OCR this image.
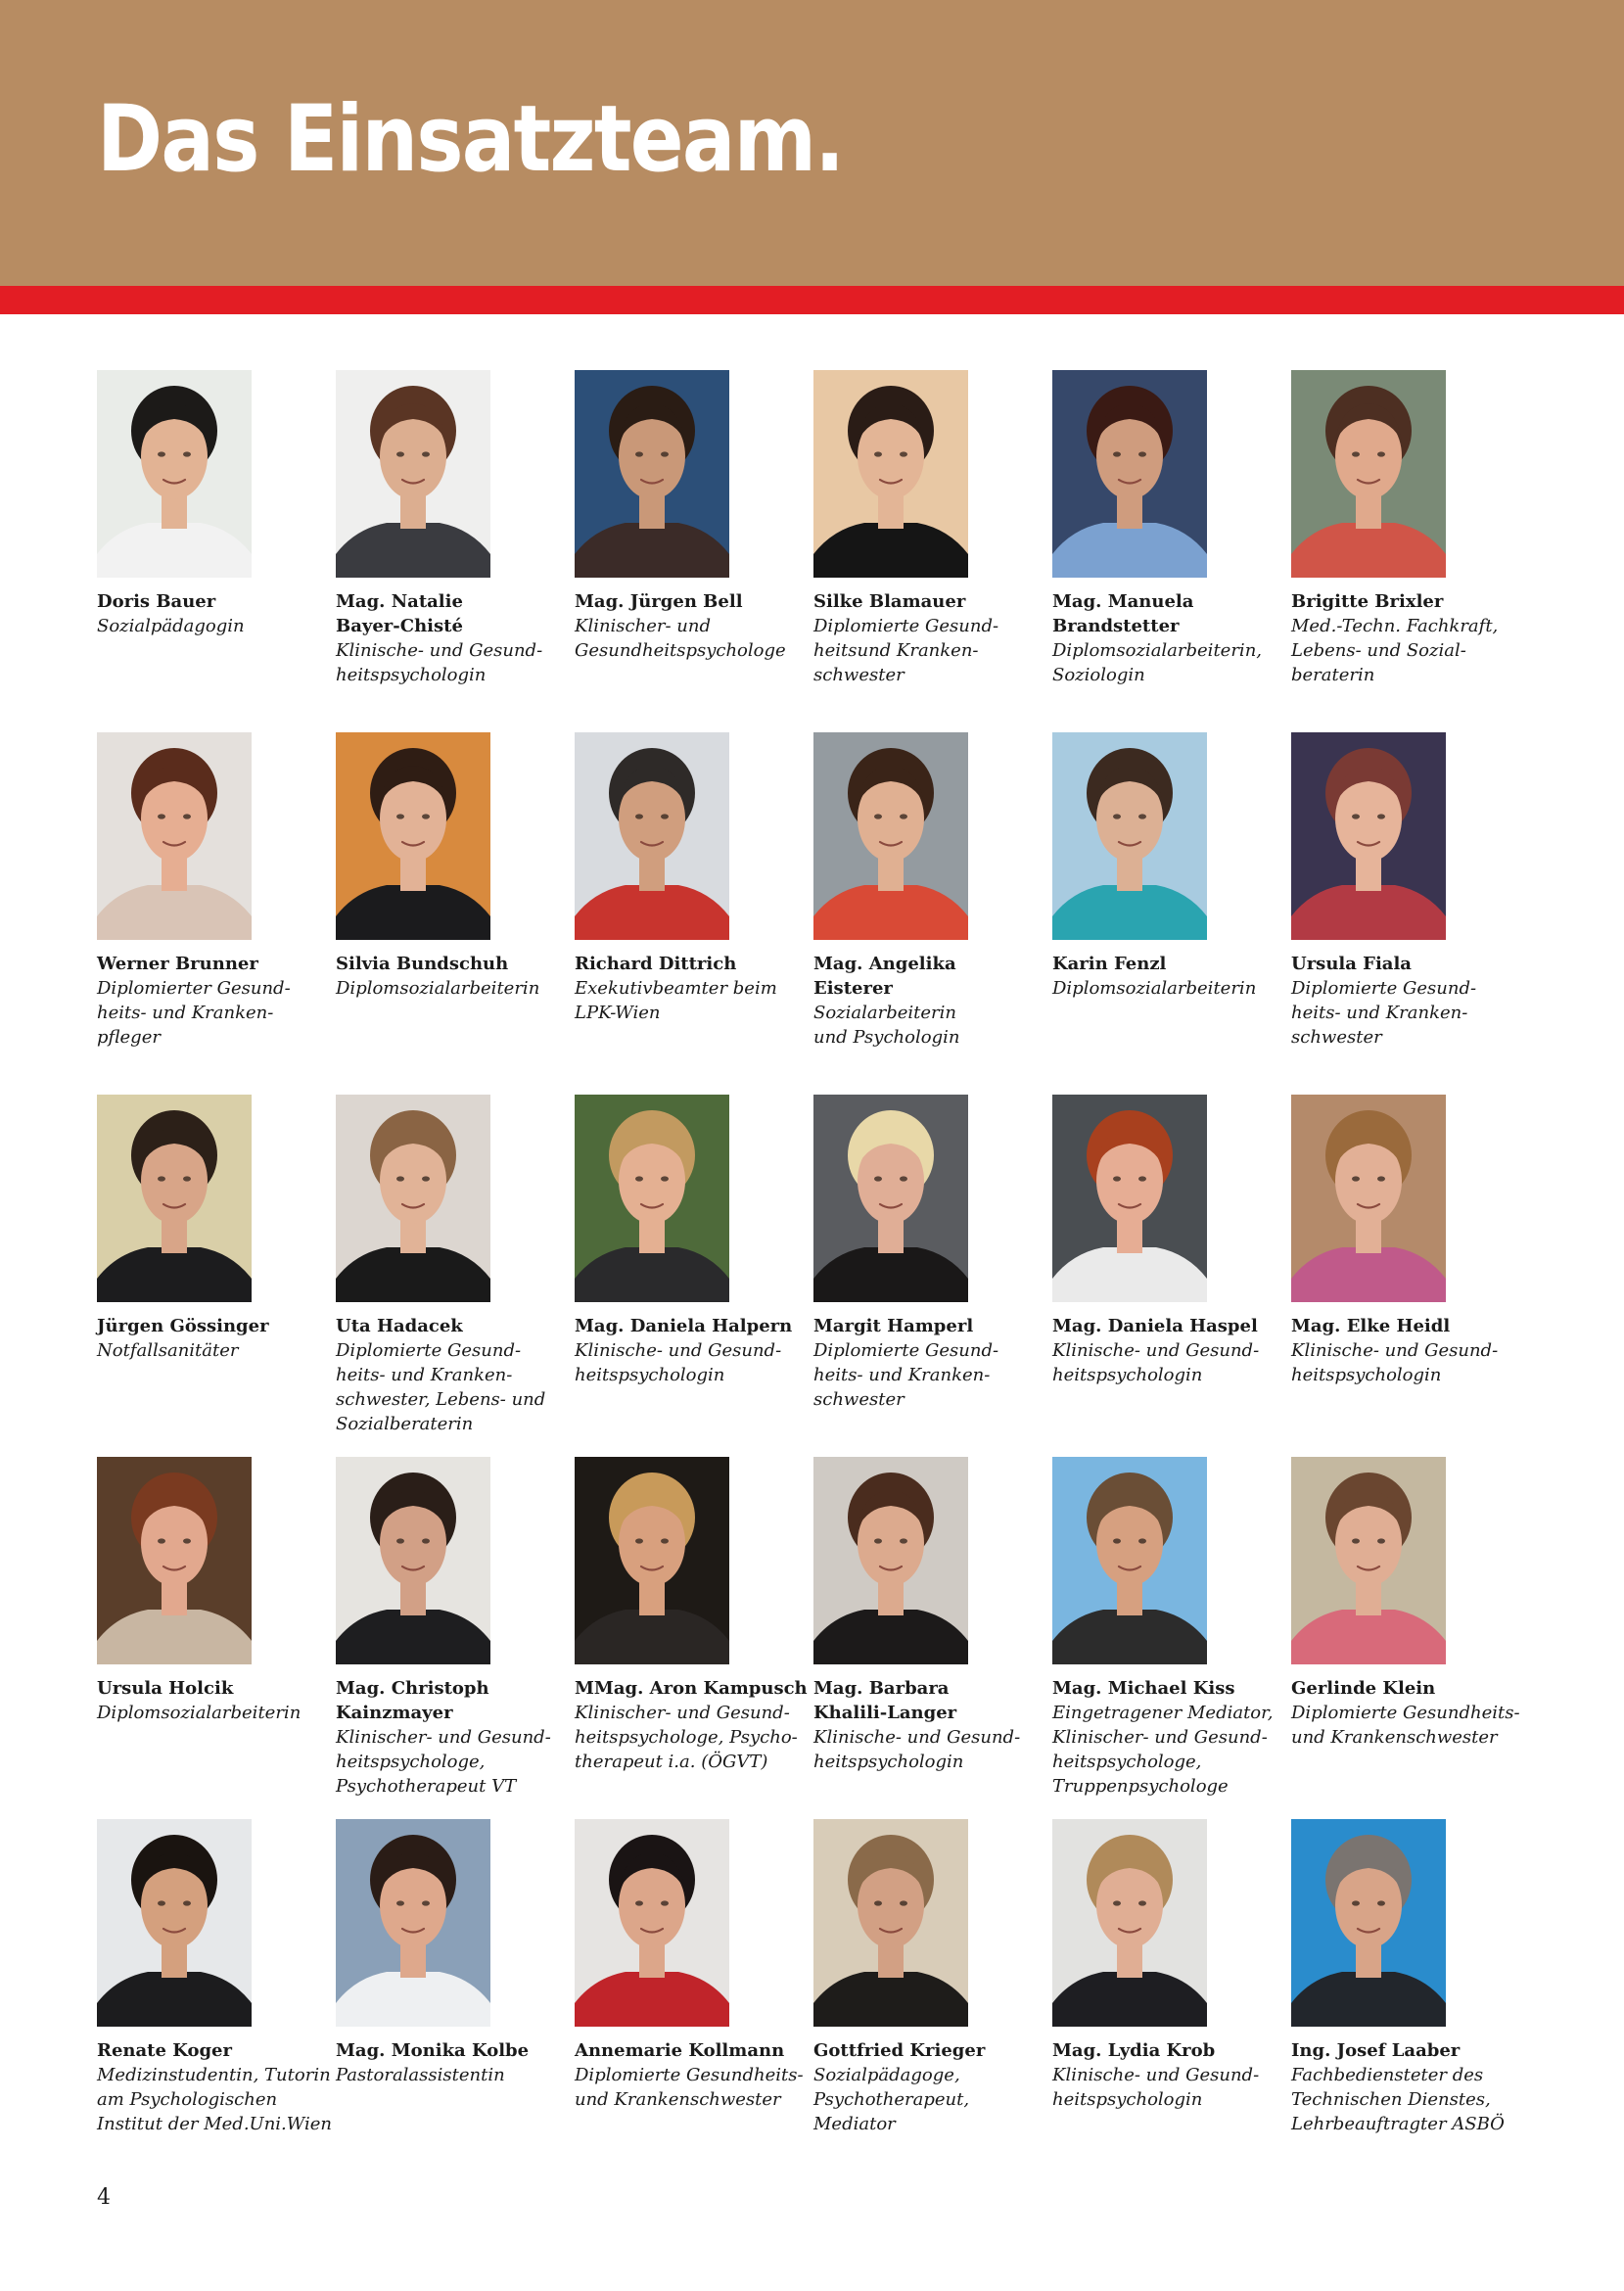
Das Einsatzteam.
Doris Bauer
Sozialpädagogin
Mag. Natalie
Bayer-Chisté
Klinische- und Gesund-
heitspsychologin
Mag. Jürgen Bell
Klinischer- und
Gesundheitspsychologe
Silke Blamauer
Diplomierte Gesund-
heitsund Kranken-
schwester
Mag. Manuela
Brandstetter
Diplomsozialarbeiterin,
Soziologin
Brigitte Brixler
Med.-Techn. Fachkraft,
Lebens- und Sozial-
beraterin
Werner Brunner
Diplomierter Gesund-
heits- und Kranken-
pfleger
Silvia Bundschuh
Diplomsozialarbeiterin
Richard Dittrich
Exekutivbeamter beim
LPK-Wien
Mag. Angelika
Eisterer
Sozialarbeiterin
und Psychologin
Karin Fenzl
Diplomsozialarbeiterin
Ursula Fiala
Diplomierte Gesund-
heits- und Kranken-
schwester
Jürgen Gössinger
Notfallsanitäter
Uta Hadacek
Diplomierte Gesund-
heits- und Kranken-
schwester, Lebens- und
Sozialberaterin
Mag. Daniela Halpern
Klinische- und Gesund-
heitspsychologin
Margit Hamperl
Diplomierte Gesund-
heits- und Kranken-
schwester
Mag. Daniela Haspel
Klinische- und Gesund-
heitspsychologin
Mag. Elke Heidl
Klinische- und Gesund-
heitspsychologin
Ursula Holcik
Diplomsozialarbeiterin
Mag. Christoph
Kainzmayer
Klinischer- und Gesund-
heitspsychologe,
Psychotherapeut VT
MMag. Aron Kampusch
Klinischer- und Gesund-
heitspsychologe, Psycho-
therapeut i.a. (ÖGVT)
Mag. Barbara
Khalili-Langer
Klinische- und Gesund-
heitspsychologin
Mag. Michael Kiss
Eingetragener Mediator,
Klinischer- und Gesund-
heitspsychologe,
Truppenpsychologe
Gerlinde Klein
Diplomierte Gesundheits-
und Krankenschwester
Renate Koger
Medizinstudentin, Tutorin
am Psychologischen
Institut der Med.Uni.Wien
Mag. Monika Kolbe
Pastoralassistentin
Annemarie Kollmann
Diplomierte Gesundheits-
und Krankenschwester
Gottfried Krieger
Sozialpädagoge,
Psychotherapeut,
Mediator
Mag. Lydia Krob
Klinische- und Gesund-
heitspsychologin
Ing. Josef Laaber
Fachbediensteter des
Technischen Dienstes,
Lehrbeauftragter ASBÖ
4
